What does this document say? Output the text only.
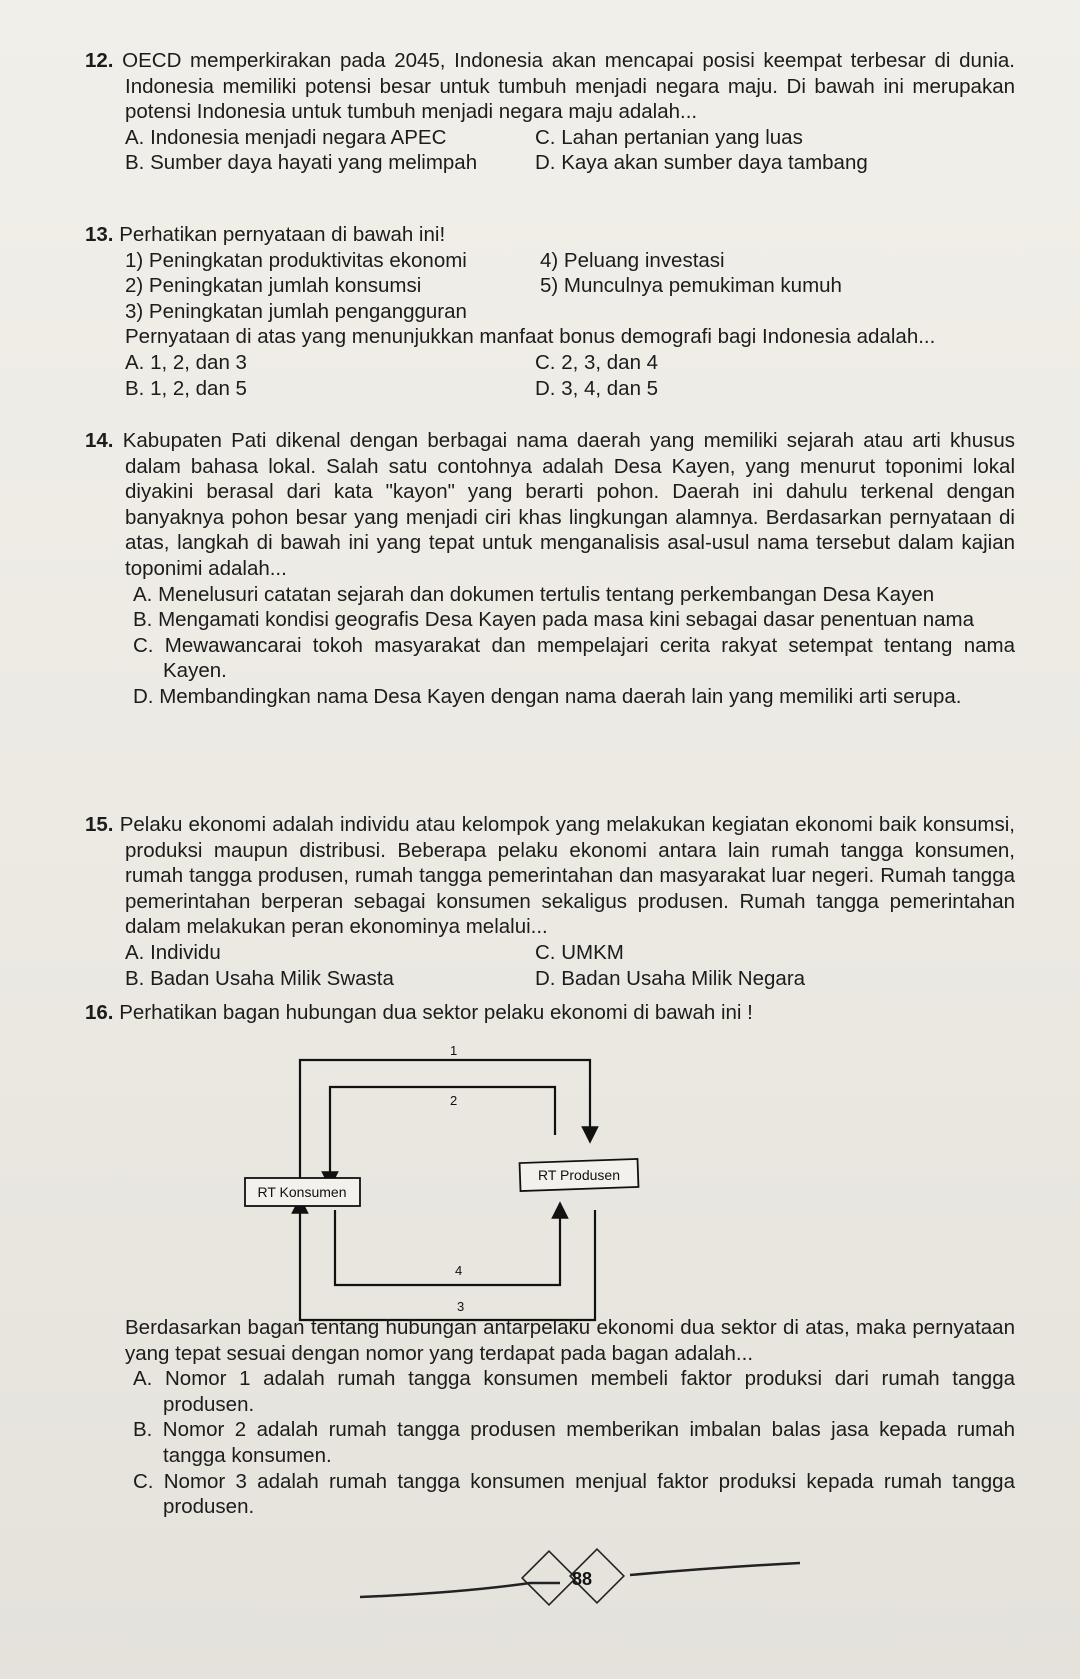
12. OECD memperkirakan pada 2045, Indonesia akan mencapai posisi keempat terbesar di dunia. Indonesia memiliki potensi besar untuk tumbuh menjadi negara maju. Di bawah ini merupakan potensi Indonesia untuk tumbuh menjadi negara maju adalah...
A. Indonesia menjadi negara APEC	C. Lahan pertanian yang luas
B. Sumber daya hayati yang melimpah	D. Kaya akan sumber daya tambang
13. Perhatikan pernyataan di bawah ini!
1) Peningkatan produktivitas ekonomi	4) Peluang investasi
2) Peningkatan jumlah konsumsi	5) Munculnya pemukiman kumuh
3) Peningkatan jumlah pengangguran
Pernyataan di atas yang menunjukkan manfaat bonus demografi bagi Indonesia adalah...
A. 1, 2, dan 3	C. 2, 3, dan 4
B. 1, 2, dan 5	D. 3, 4, dan 5
14. Kabupaten Pati dikenal dengan berbagai nama daerah yang memiliki sejarah atau arti khusus dalam bahasa lokal. Salah satu contohnya adalah Desa Kayen, yang menurut toponimi lokal diyakini berasal dari kata "kayon" yang berarti pohon. Daerah ini dahulu terkenal dengan banyaknya pohon besar yang menjadi ciri khas lingkungan alamnya. Berdasarkan pernyataan di atas, langkah di bawah ini yang tepat untuk menganalisis asal-usul nama tersebut dalam kajian toponimi adalah...
A. Menelusuri catatan sejarah dan dokumen tertulis tentang perkembangan Desa Kayen
B. Mengamati kondisi geografis Desa Kayen pada masa kini sebagai dasar penentuan nama
C. Mewawancarai tokoh masyarakat dan mempelajari cerita rakyat setempat tentang nama Kayen.
D. Membandingkan nama Desa Kayen dengan nama daerah lain yang memiliki arti serupa.
15. Pelaku ekonomi adalah individu atau kelompok yang melakukan kegiatan ekonomi baik konsumsi, produksi maupun distribusi. Beberapa pelaku ekonomi antara lain rumah tangga konsumen, rumah tangga produsen, rumah tangga pemerintahan dan masyarakat luar negeri. Rumah tangga pemerintahan berperan sebagai konsumen sekaligus produsen. Rumah tangga pemerintahan dalam melakukan peran ekonominya melalui...
A. Individu	C. UMKM
B. Badan Usaha Milik Swasta	D. Badan Usaha Milik Negara
16. Perhatikan bagan hubungan dua sektor pelaku ekonomi di bawah ini !
RT Konsumen
RT Produsen
1
2
4
3
Berdasarkan bagan tentang hubungan antarpelaku ekonomi dua sektor di atas, maka pernyataan yang tepat sesuai dengan nomor yang terdapat pada bagan adalah...
A. Nomor 1 adalah rumah tangga konsumen membeli faktor produksi dari rumah tangga produsen.
B. Nomor 2 adalah rumah tangga produsen memberikan imbalan balas jasa kepada rumah tangga konsumen.
C. Nomor 3 adalah rumah tangga konsumen menjual faktor produksi kepada rumah tangga produsen.
88
